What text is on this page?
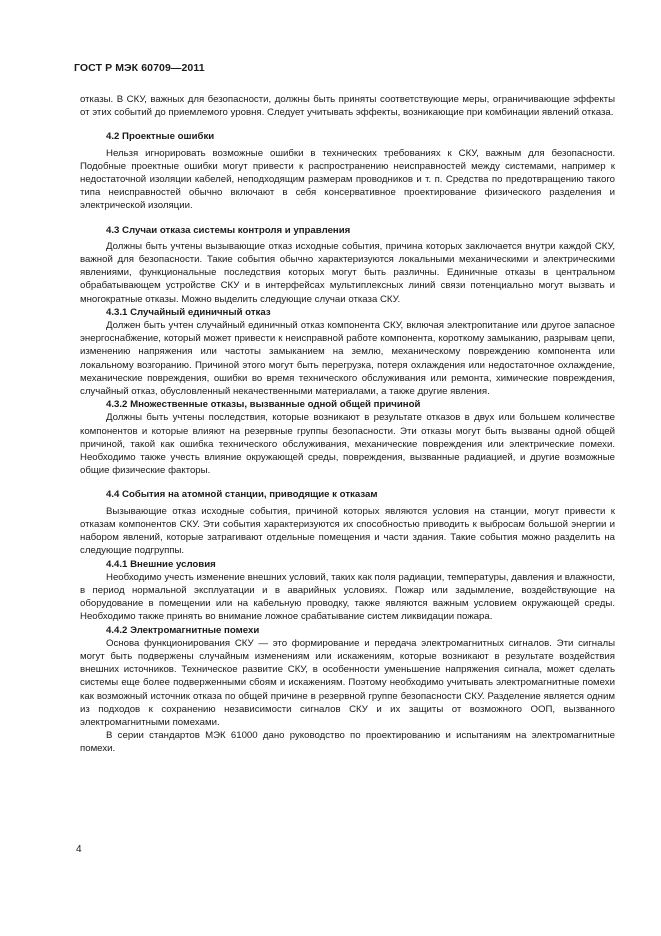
ГОСТ Р МЭК 60709—2011

отказы. В СКУ, важных для безопасности, должны быть приняты соответствующие меры, ограничивающие эффекты от этих событий до приемлемого уровня. Следует учитывать эффекты, возникающие при комбинации явлений отказа.

4.2 Проектные ошибки

Нельзя игнорировать возможные ошибки в технических требованиях к СКУ, важным для безопасности. Подобные проектные ошибки могут привести к распространению неисправностей между системами, например к недостаточной изоляции кабелей, неподходящим размерам проводников и т. п. Средства по предотвращению такого типа неисправностей обычно включают в себя консервативное проектирование физического разделения и электрической изоляции.

4.3 Случаи отказа системы контроля и управления

Должны быть учтены вызывающие отказ исходные события, причина которых заключается внутри каждой СКУ, важной для безопасности. Такие события обычно характеризуются локальными механическими и электрическими явлениями, функциональные последствия которых могут быть различны. Единичные отказы в центральном обрабатывающем устройстве СКУ и в интерфейсах мультиплексных линий связи потенциально могут вызвать и многократные отказы. Можно выделить следующие случаи отказа СКУ.

4.3.1 Случайный единичный отказ

Должен быть учтен случайный единичный отказ компонента СКУ, включая электропитание или другое запасное энергоснабжение, который может привести к неисправной работе компонента, короткому замыканию, разрывам цепи, изменению напряжения или частоты замыканием на землю, механическому повреждению компонента или локальному возгоранию. Причиной этого могут быть перегрузка, потеря охлаждения или недостаточное охлаждение, механические повреждения, ошибки во время технического обслуживания или ремонта, химические повреждения, случайный отказ, обусловленный некачественными материалами, а также другие явления.

4.3.2 Множественные отказы, вызванные одной общей причиной

Должны быть учтены последствия, которые возникают в результате отказов в двух или большем количестве компонентов и которые влияют на резервные группы безопасности. Эти отказы могут быть вызваны одной общей причиной, такой как ошибка технического обслуживания, механические повреждения или электрические помехи. Необходимо также учесть влияние окружающей среды, повреждения, вызванные радиацией, и другие возможные общие физические факторы.

4.4 События на атомной станции, приводящие к отказам

Вызывающие отказ исходные события, причиной которых являются условия на станции, могут привести к отказам компонентов СКУ. Эти события характеризуются их способностью приводить к выбросам большой энергии и набором явлений, которые затрагивают отдельные помещения и части здания. Такие события можно разделить на следующие подгруппы.

4.4.1 Внешние условия

Необходимо учесть изменение внешних условий, таких как поля радиации, температуры, давления и влажности, в период нормальной эксплуатации и в аварийных условиях. Пожар или задымление, воздействующие на оборудование в помещении или на кабельную проводку, также являются важным условием окружающей среды. Необходимо также принять во внимание ложное срабатывание систем ликвидации пожара.

4.4.2 Электромагнитные помехи

Основа функционирования СКУ — это формирование и передача электромагнитных сигналов. Эти сигналы могут быть подвержены случайным изменениям или искажениям, которые возникают в результате воздействия внешних источников. Техническое развитие СКУ, в особенности уменьшение напряжения сигнала, может сделать системы еще более подверженными сбоям и искажениям. Поэтому необходимо учитывать электромагнитные помехи как возможный источник отказа по общей причине в резервной группе безопасности СКУ. Разделение является одним из подходов к сохранению независимости сигналов СКУ и их защиты от возможного ООП, вызванного электромагнитными помехами.

В серии стандартов МЭК 61000 дано руководство по проектированию и испытаниям на электромагнитные помехи.

4
